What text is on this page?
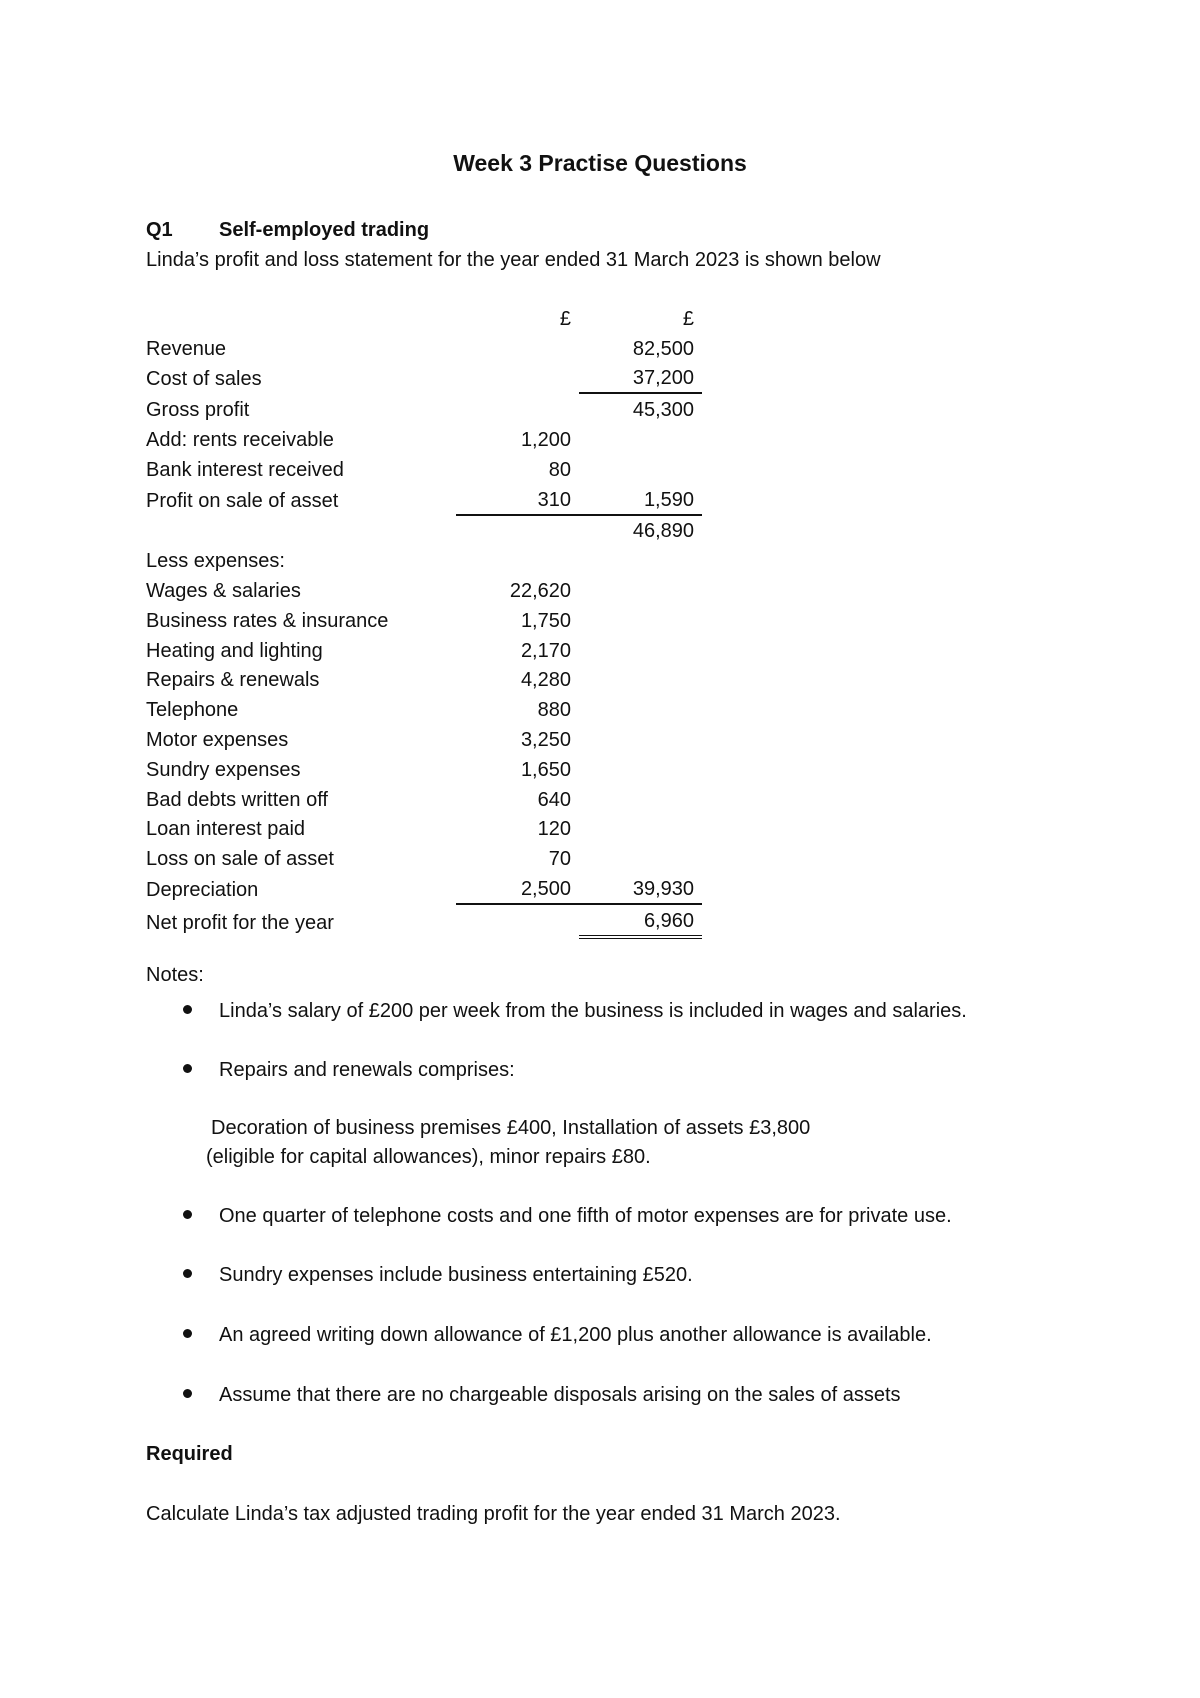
Week 3 Practise Questions
Q1 Self-employed trading
Linda’s profit and loss statement for the year ended 31 March 2023 is shown below
	£	£
Revenue		82,500
Cost of sales		37,200
Gross profit		45,300
Add: rents receivable	1,200	
Bank interest received	80	
Profit on sale of asset	310	1,590
		46,890
Less expenses:		
Wages & salaries	22,620	
Business rates & insurance	1,750	
Heating and lighting	2,170	
Repairs & renewals	4,280	
Telephone	880	
Motor expenses	3,250	
Sundry expenses	1,650	
Bad debts written off	640	
Loan interest paid	120	
Loss on sale of asset	70	
Depreciation	2,500	39,930
Net profit for the year		6,960
Notes:
Linda’s salary of £200 per week from the business is included in wages and salaries.
Repairs and renewals comprises:
Decoration of business premises £400, Installation of assets £3,800
(eligible for capital allowances), minor repairs £80.
One quarter of telephone costs and one fifth of motor expenses are for private use.
Sundry expenses include business entertaining £520.
An agreed writing down allowance of £1,200 plus another allowance is available.
Assume that there are no chargeable disposals arising on the sales of assets
Required
Calculate Linda’s tax adjusted trading profit for the year ended 31 March 2023.
